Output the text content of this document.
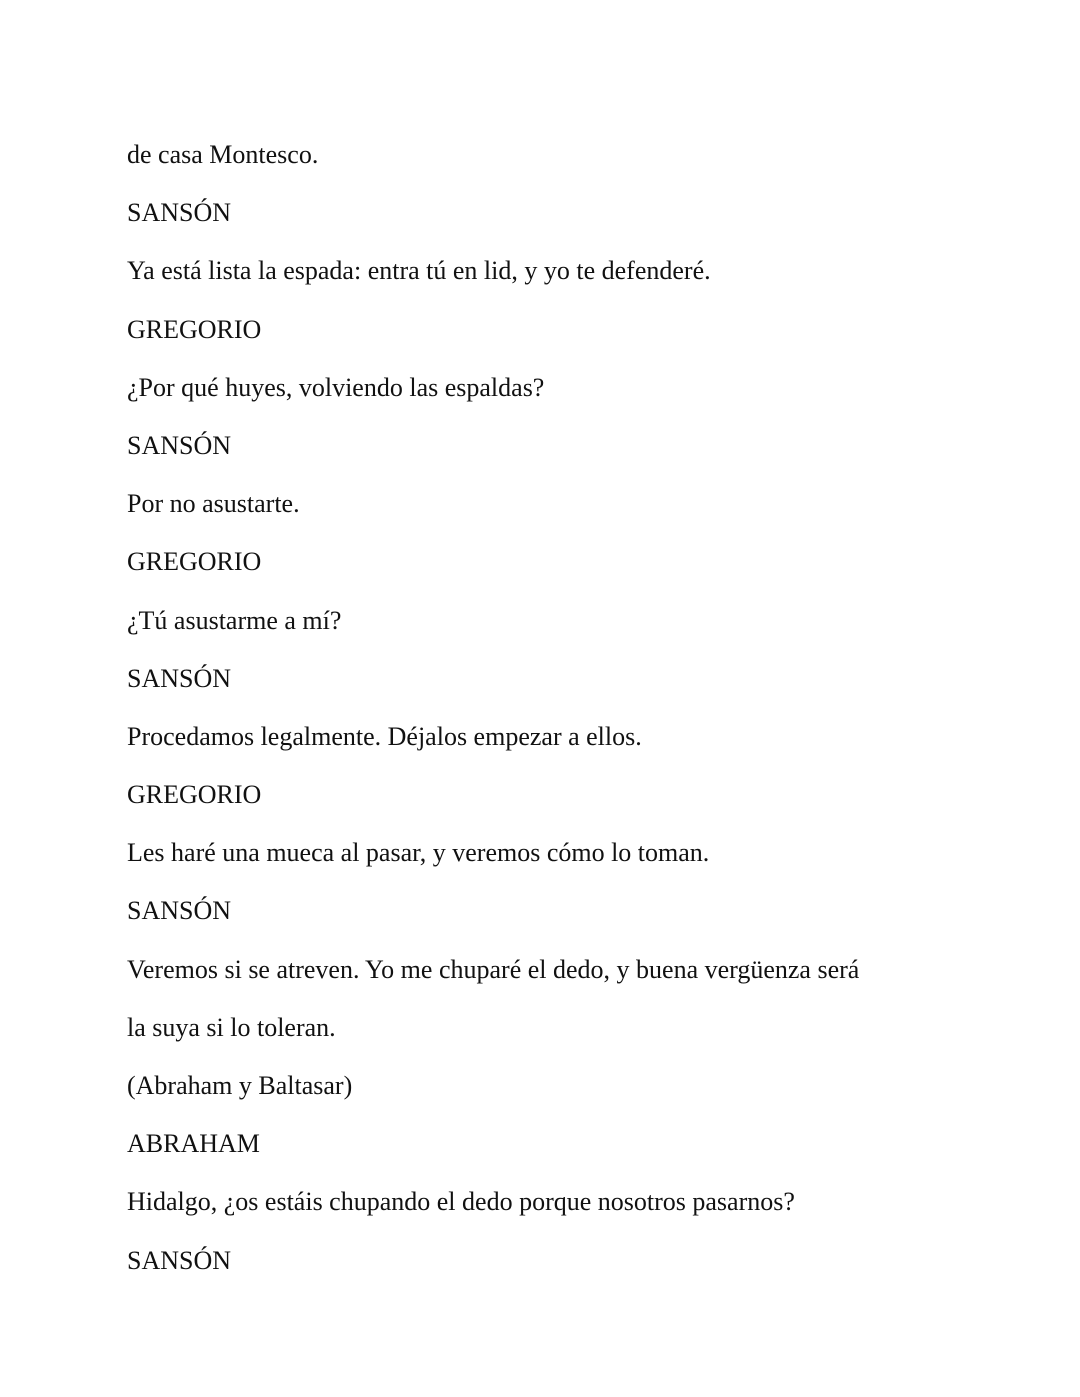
de casa Montesco.

SANSÓN

Ya está lista la espada: entra tú en lid, y yo te defenderé.

GREGORIO

¿Por qué huyes, volviendo las espaldas?

SANSÓN

Por no asustarte.

GREGORIO

¿Tú asustarme a mí?

SANSÓN

Procedamos legalmente. Déjalos empezar a ellos.

GREGORIO

Les haré una mueca al pasar, y veremos cómo lo toman.

SANSÓN

Veremos si se atreven. Yo me chuparé el dedo, y buena vergüenza será

la suya si lo toleran.

(Abraham y Baltasar)

ABRAHAM

Hidalgo, ¿os estáis chupando el dedo porque nosotros pasarnos?

SANSÓN
